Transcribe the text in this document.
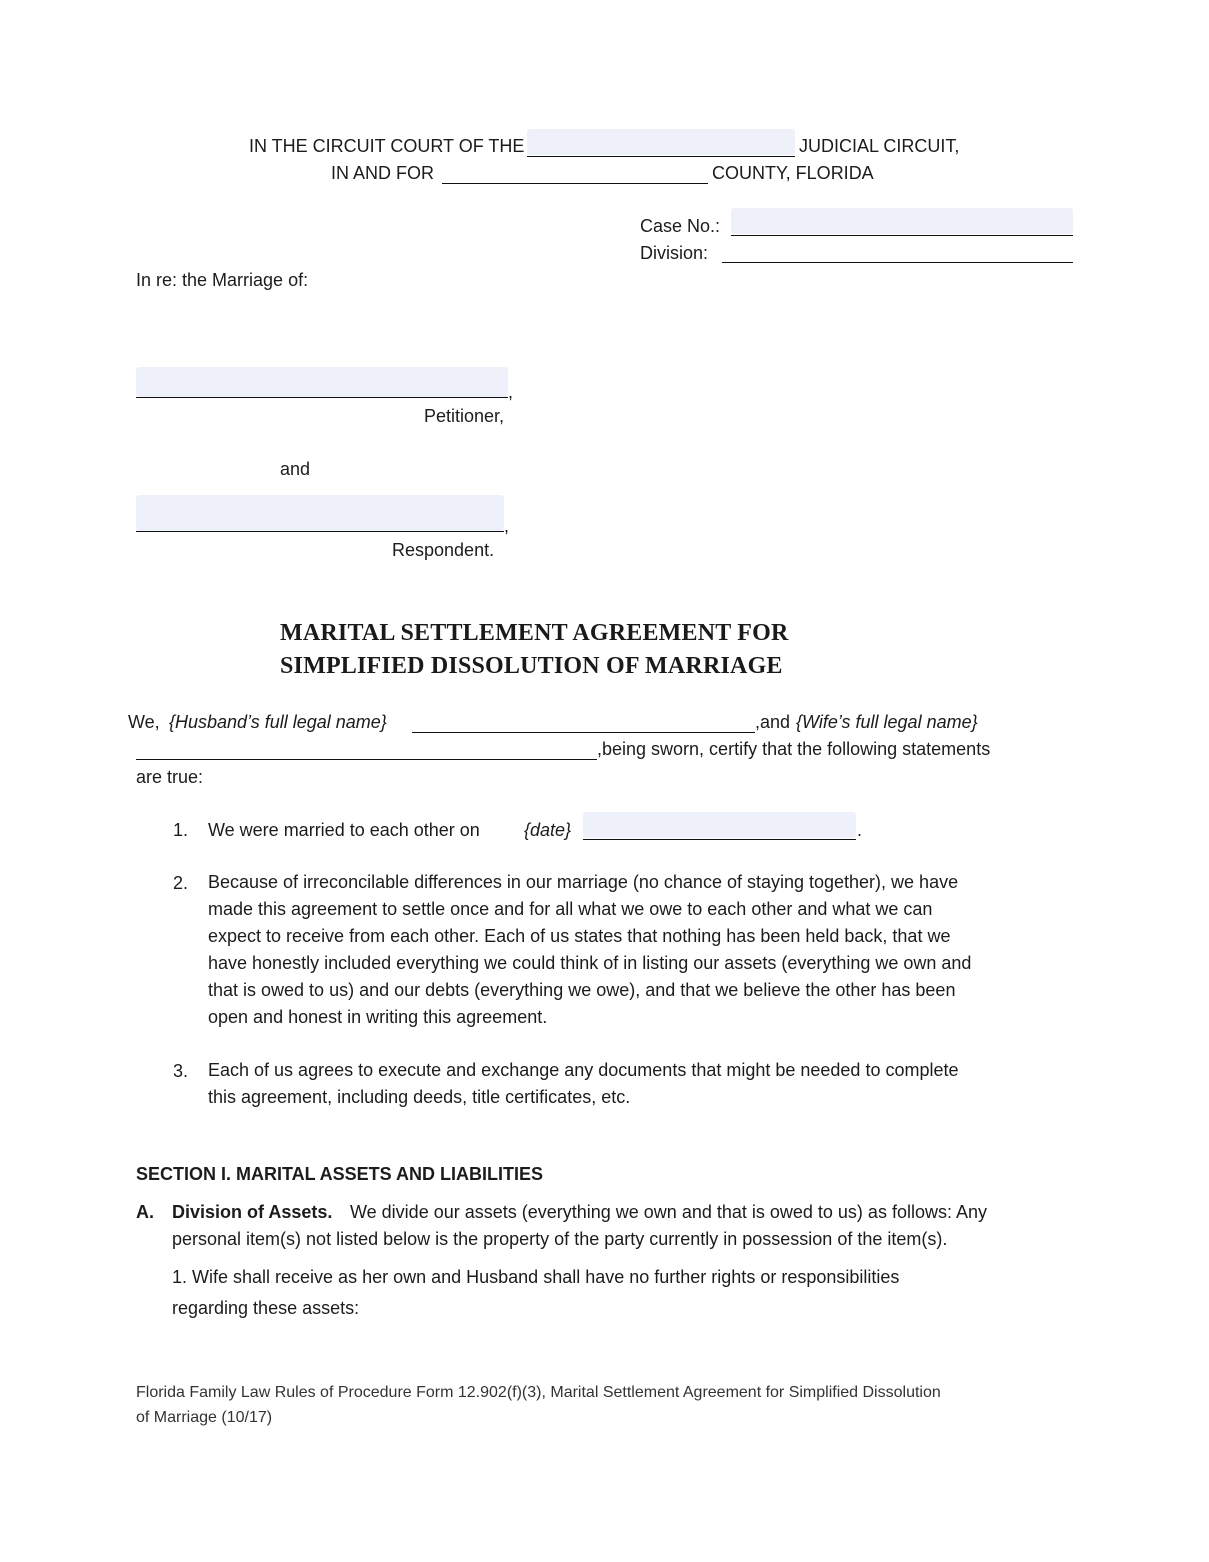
IN THE CIRCUIT COURT OF THE	JUDICIAL CIRCUIT,
IN AND FOR	COUNTY, FLORIDA
Case No.:
Division:
In re: the Marriage of:
,
Petitioner,
and
,
Respondent.
MARITAL SETTLEMENT AGREEMENT FOR
SIMPLIFIED DISSOLUTION OF MARRIAGE
We, {Husband’s full legal name}	,and {Wife’s full legal name}
,being sworn, certify that the following statements
are true:
1. We were married to each other on {date}	.
2. Because of irreconcilable differences in our marriage (no chance of staying together), we have
made this agreement to settle once and for all what we owe to each other and what we can
expect to receive from each other. Each of us states that nothing has been held back, that we
have honestly included everything we could think of in listing our assets (everything we own and
that is owed to us) and our debts (everything we owe), and that we believe the other has been
open and honest in writing this agreement.
3. Each of us agrees to execute and exchange any documents that might be needed to complete
this agreement, including deeds, title certificates, etc.
SECTION I. MARITAL ASSETS AND LIABILITIES
A. Division of Assets. We divide our assets (everything we own and that is owed to us) as follows: Any
personal item(s) not listed below is the property of the party currently in possession of the item(s).
1. Wife shall receive as her own and Husband shall have no further rights or responsibilities
regarding these assets:
Florida Family Law Rules of Procedure Form 12.902(f)(3), Marital Settlement Agreement for Simplified Dissolution
of Marriage (10/17)
